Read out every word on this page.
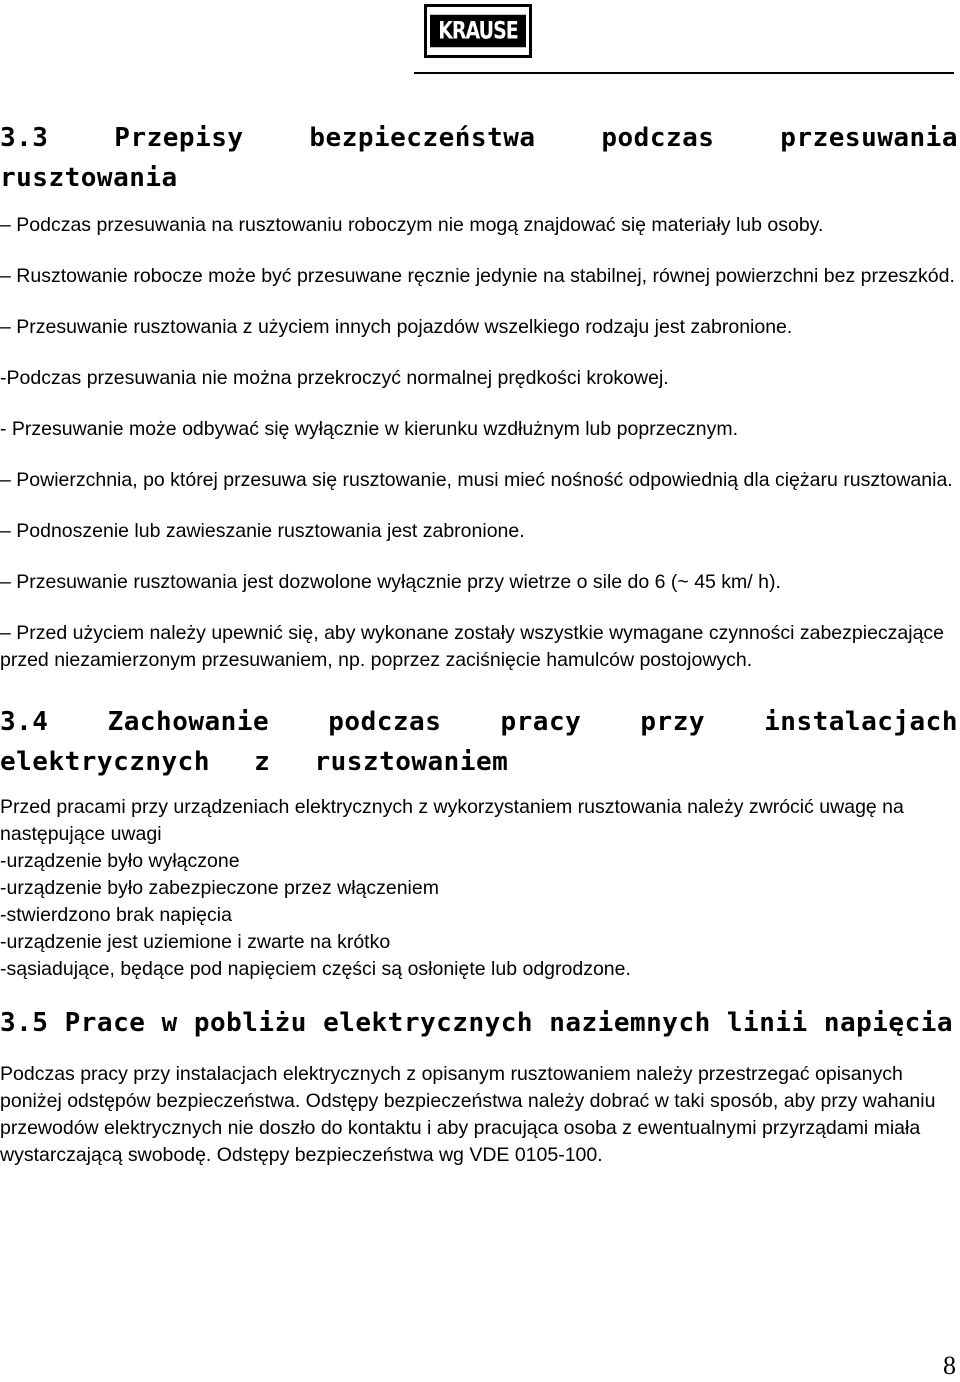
KRAUSE
3.3 Przepisy bezpieczeństwa podczas przesuwania rusztowania

– Podczas przesuwania na rusztowaniu roboczym nie mogą znajdować się materiały lub osoby.

– Rusztowanie robocze może być przesuwane ręcznie jedynie na stabilnej, równej powierzchni bez przeszkód.

– Przesuwanie rusztowania z użyciem innych pojazdów wszelkiego rodzaju jest zabronione.

-Podczas przesuwania nie można przekroczyć normalnej prędkości krokowej.

- Przesuwanie może odbywać się wyłącznie w kierunku wzdłużnym lub poprzecznym.

– Powierzchnia, po której przesuwa się rusztowanie, musi mieć nośność odpowiednią dla ciężaru rusztowania.

– Podnoszenie lub zawieszanie rusztowania jest zabronione.

– Przesuwanie rusztowania jest dozwolone wyłącznie przy wietrze o sile do 6 (~ 45 km/ h).

– Przed użyciem należy upewnić się, aby wykonane zostały wszystkie wymagane czynności zabezpieczające przed niezamierzonym przesuwaniem, np. poprzez zaciśnięcie hamulców postojowych.

3.4 Zachowanie podczas pracy przy instalacjach elektrycznych z rusztowaniem
Przed pracami przy urządzeniach elektrycznych z wykorzystaniem rusztowania należy zwrócić uwagę na następujące uwagi
-urządzenie było wyłączone
-urządzenie było zabezpieczone przez włączeniem
-stwierdzono brak napięcia
-urządzenie jest uziemione i zwarte na krótko
-sąsiadujące, będące pod napięciem części są osłonięte lub odgrodzone.
3.5 Prace w pobliżu elektrycznych naziemnych linii napięcia

Podczas pracy przy instalacjach elektrycznych z opisanym rusztowaniem należy przestrzegać opisanych poniżej odstępów bezpieczeństwa. Odstępy bezpieczeństwa należy dobrać w taki sposób, aby przy wahaniu przewodów elektrycznych nie doszło do kontaktu i aby pracująca osoba z ewentualnymi przyrządami miała wystarczającą swobodę. Odstępy bezpieczeństwa wg VDE 0105-100.

8
